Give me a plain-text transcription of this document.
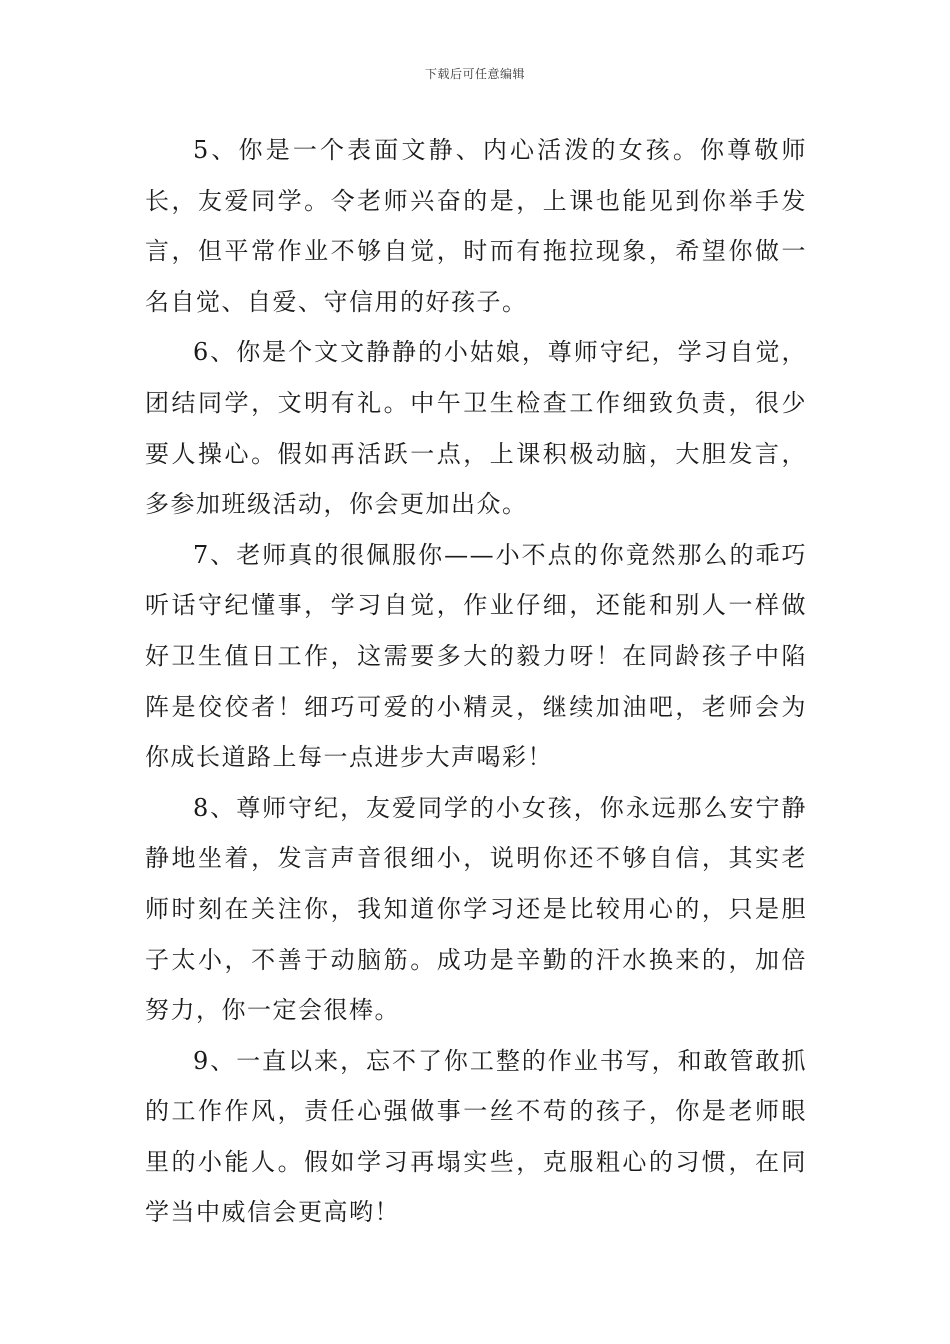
下载后可任意编辑

5、你是一个表面文静、内心活泼的女孩。你尊敬师长，友爱同学。令老师兴奋的是，上课也能见到你举手发言，但平常作业不够自觉，时而有拖拉现象，希望你做一名自觉、自爱、守信用的好孩子。

6、你是个文文静静的小姑娘，尊师守纪，学习自觉，团结同学，文明有礼。中午卫生检查工作细致负责，很少要人操心。假如再活跃一点，上课积极动脑，大胆发言，多参加班级活动，你会更加出众。

7、老师真的很佩服你——小不点的你竟然那么的乖巧听话守纪懂事，学习自觉，作业仔细，还能和别人一样做好卫生值日工作，这需要多大的毅力呀！在同龄孩子中陷阵是佼佼者！细巧可爱的小精灵，继续加油吧，老师会为你成长道路上每一点进步大声喝彩！

8、尊师守纪，友爱同学的小女孩，你永远那么安宁静静地坐着，发言声音很细小，说明你还不够自信，其实老师时刻在关注你，我知道你学习还是比较用心的，只是胆子太小，不善于动脑筋。成功是辛勤的汗水换来的，加倍努力，你一定会很棒。

9、一直以来，忘不了你工整的作业书写，和敢管敢抓的工作作风，责任心强做事一丝不苟的孩子，你是老师眼里的小能人。假如学习再塌实些，克服粗心的习惯，在同学当中威信会更高哟！
